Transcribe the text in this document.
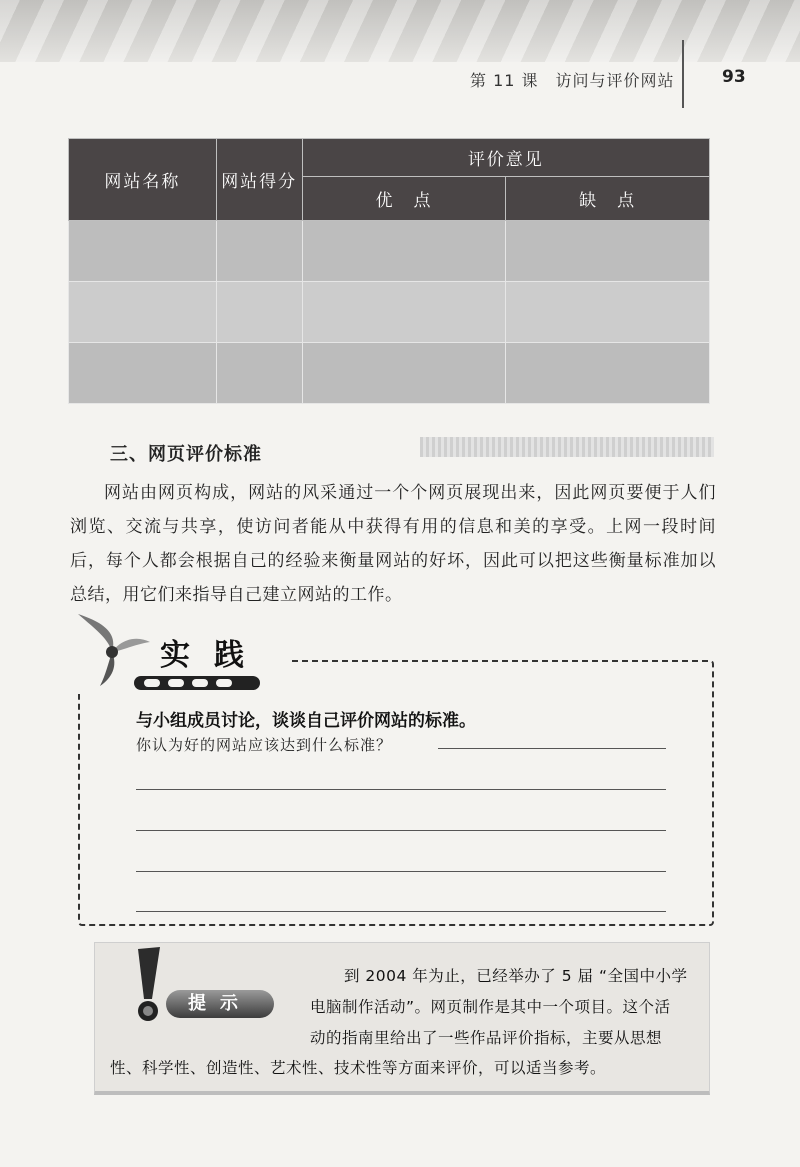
第 11 课　访问与评价网站	93
网站名称	网站得分	评价意见	
		优　点	缺　点

三、网页评价标准
网站由网页构成，网站的风采通过一个个网页展现出来，因此网页要便于人们浏览、交流与共享，使访问者能从中获得有用的信息和美的享受。上网一段时间后，每个人都会根据自己的经验来衡量网站的好坏，因此可以把这些衡量标准加以总结，用它们来指导自己建立网站的工作。
实践
与小组成员讨论，谈谈自己评价网站的标准。
你认为好的网站应该达到什么标准？
提示
到 2004 年为止，已经举办了 5 届 “全国中小学
电脑制作活动”。网页制作是其中一个项目。这个活
动的指南里给出了一些作品评价指标，主要从思想
性、科学性、创造性、艺术性、技术性等方面来评价，可以适当参考。
